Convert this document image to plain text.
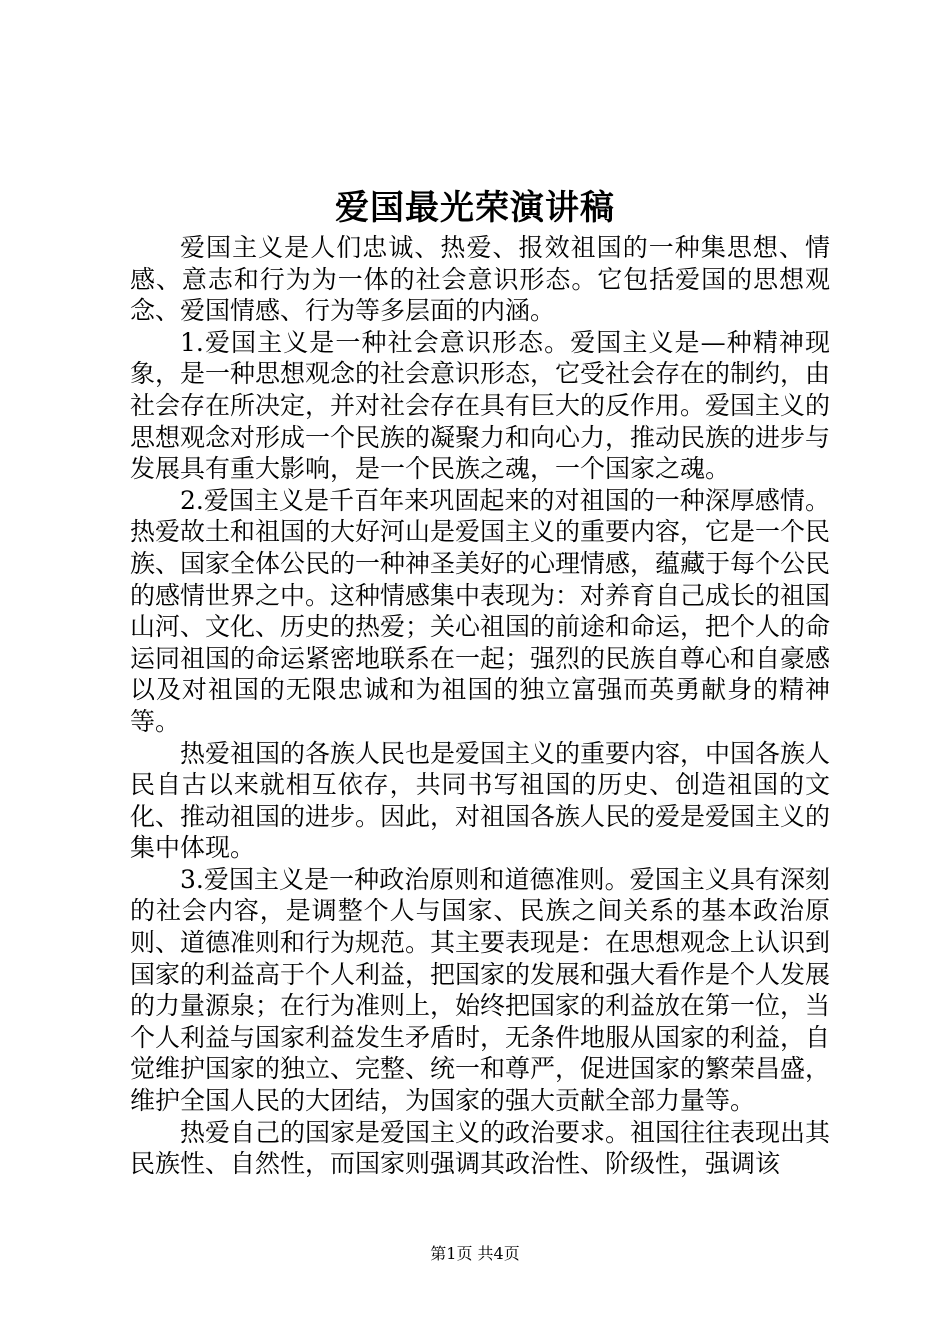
爱国最光荣演讲稿

爱国主义是人们忠诚、热爱、报效祖国的一种集思想、情感、意志和行为为一体的社会意识形态。它包括爱国的思想观念、爱国情感、行为等多层面的内涵。

1.爱国主义是一种社会意识形态。爱国主义是—种精神现象，是一种思想观念的社会意识形态，它受社会存在的制约，由社会存在所决定，并对社会存在具有巨大的反作用。爱国主义的思想观念对形成一个民族的凝聚力和向心力，推动民族的进步与发展具有重大影响，是一个民族之魂，一个国家之魂。

2.爱国主义是千百年来巩固起来的对祖国的一种深厚感情。热爱故土和祖国的大好河山是爱国主义的重要内容，它是一个民族、国家全体公民的一种神圣美好的心理情感，蕴藏于每个公民的感情世界之中。这种情感集中表现为：对养育自己成长的祖国山河、文化、历史的热爱；关心祖国的前途和命运，把个人的命运同祖国的命运紧密地联系在一起；强烈的民族自尊心和自豪感以及对祖国的无限忠诚和为祖国的独立富强而英勇献身的精神等。

热爱祖国的各族人民也是爱国主义的重要内容，中国各族人民自古以来就相互依存，共同书写祖国的历史、创造祖国的文化、推动祖国的进步。因此，对祖国各族人民的爱是爱国主义的集中体现。

3.爱国主义是一种政治原则和道德准则。爱国主义具有深刻的社会内容，是调整个人与国家、民族之间关系的基本政治原则、道德准则和行为规范。其主要表现是：在思想观念上认识到国家的利益高于个人利益，把国家的发展和强大看作是个人发展的力量源泉；在行为准则上，始终把国家的利益放在第一位，当个人利益与国家利益发生矛盾时，无条件地服从国家的利益，自觉维护国家的独立、完整、统一和尊严，促进国家的繁荣昌盛，维护全国人民的大团结，为国家的强大贡献全部力量等。

热爱自己的国家是爱国主义的政治要求。祖国往往表现出其民族性、自然性，而国家则强调其政治性、阶级性，强调该

第1页 共4页
